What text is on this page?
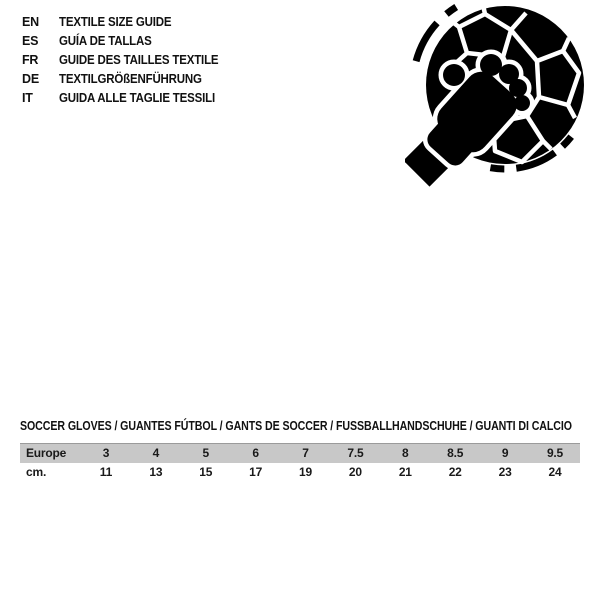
EN TEXTILE SIZE GUIDE
ES GUÍA DE TALLAS
FR GUIDE DES TAILLES TEXTILE
DE TEXTILGRÖßENFÜHRUNG
IT GUIDA ALLE TAGLIE TESSILI
SOCCER GLOVES / GUANTES FÚTBOL / GANTS DE SOCCER / FUSSBALLHANDSCHUHE / GUANTI DI CALCIO
Europe	3	4	5	6	7	7.5	8	8.5	9	9.5
cm.	11	13	15	17	19	20	21	22	23	24
